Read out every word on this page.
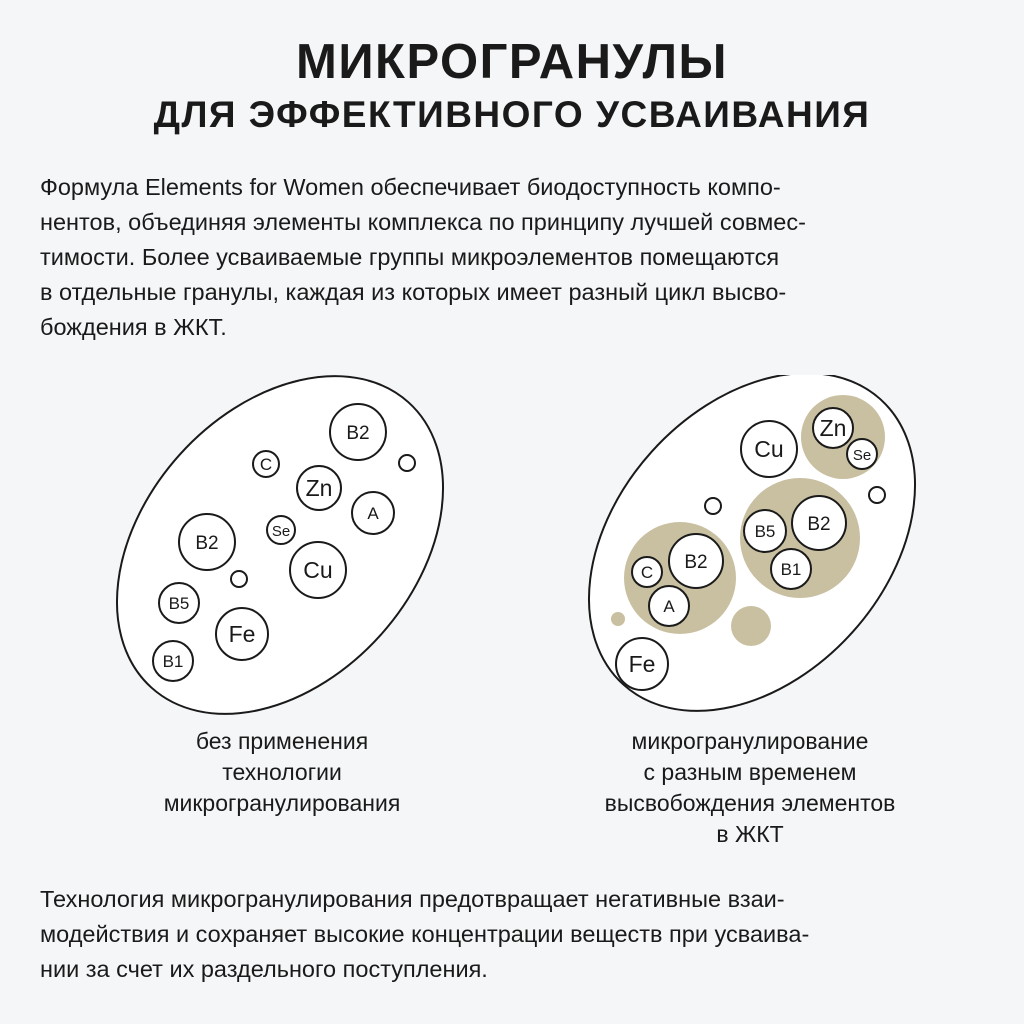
МИКРОГРАНУЛЫ
ДЛЯ ЭФФЕКТИВНОГО УСВАИВАНИЯ

Формула Elements for Women обеспечивает биодоступность компо-
нентов, объединяя элементы комплекса по принципу лучшей совмес-
тимости. Более усваиваемые группы микроэлементов помещаются
в отдельные гранулы, каждая из которых имеет разный цикл высво-
бождения в ЖКТ.

B2
C
Zn
A
Se
B2
Cu
B5
Fe
B1
Zn
Se
Cu
B5 B2
B1
C B2
A
Fe
без применения
технологии
микрогранулирования
микрогранулирование
с разным временем
высвобождения элементов
в ЖКТ

Технология микрогранулирования предотвращает негативные взаи-
модействия и сохраняет высокие концентрации веществ при усваива-
нии за счет их раздельного поступления.
